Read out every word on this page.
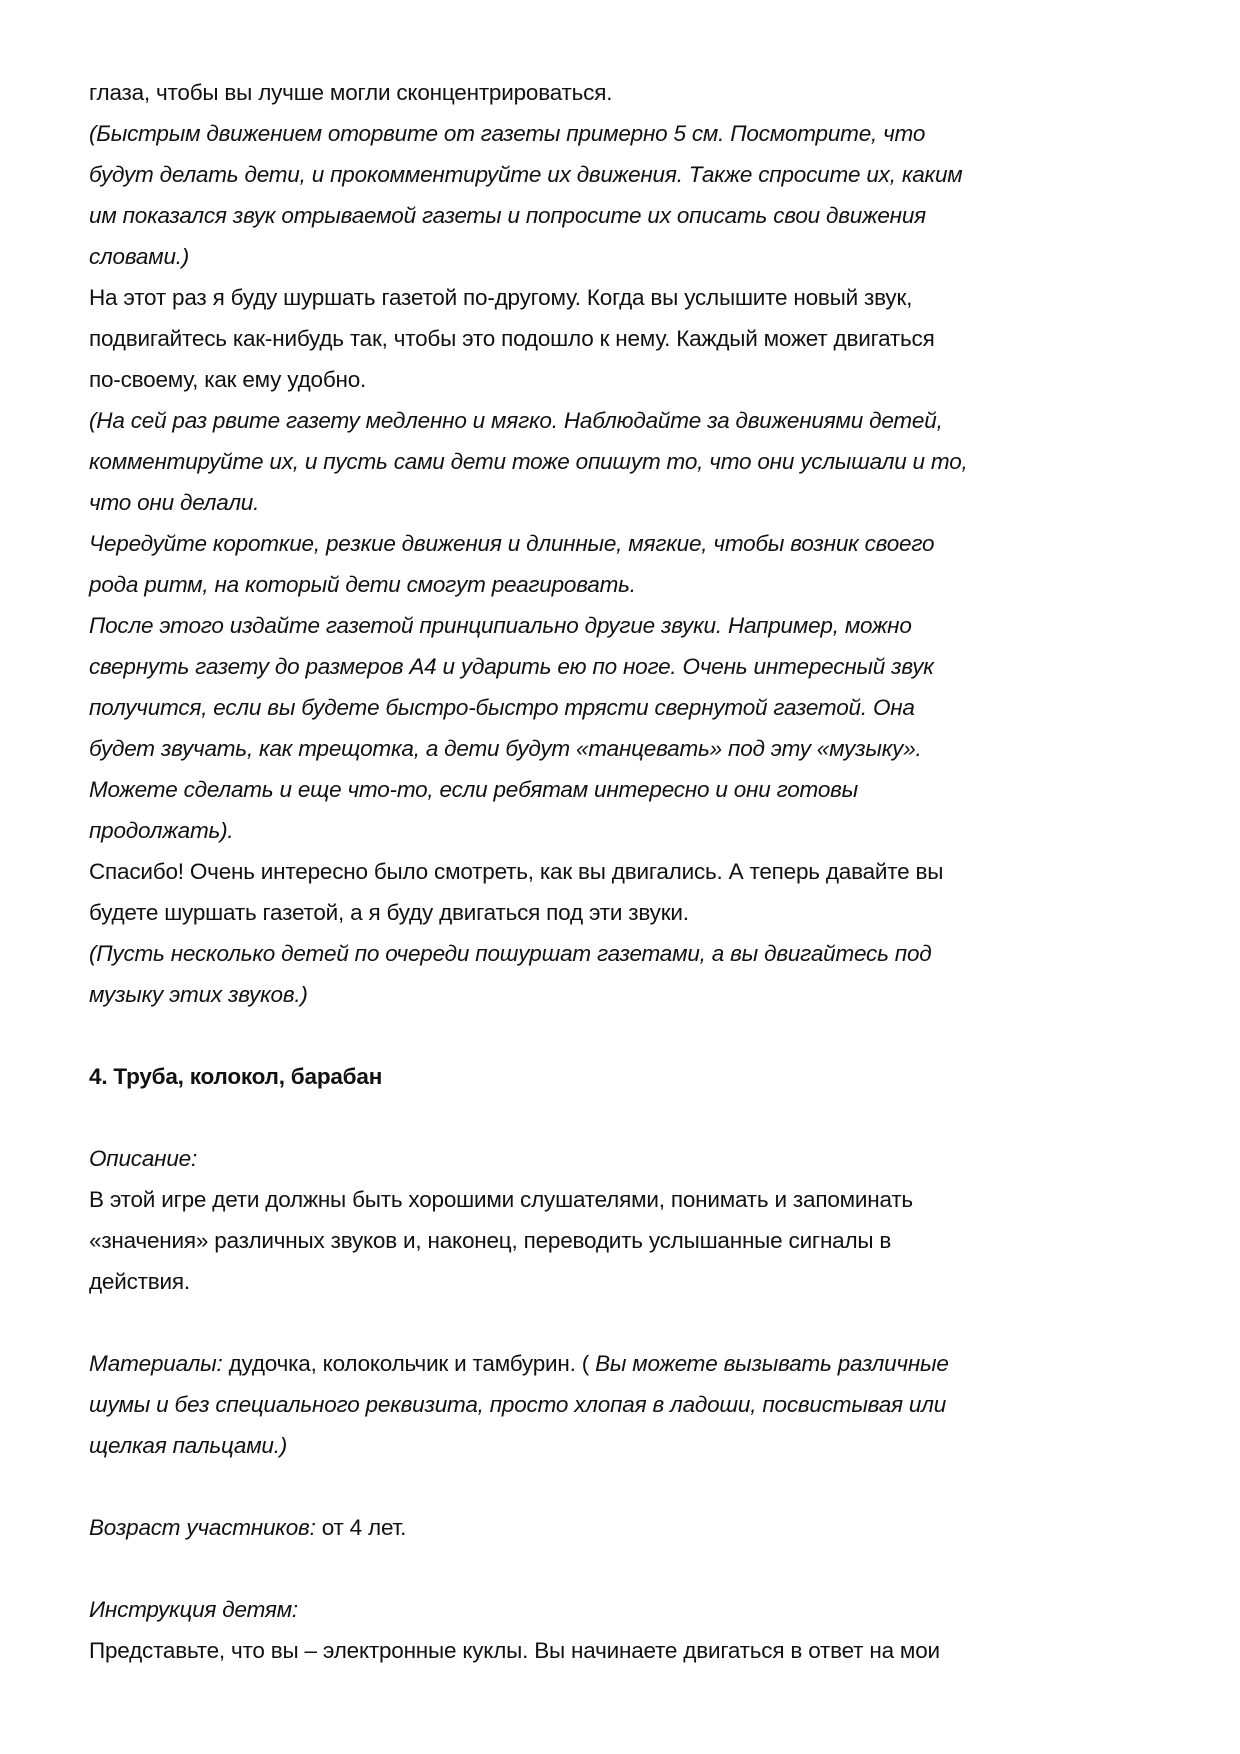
глаза, чтобы вы лучше могли сконцентрироваться.
(Быстрым движением оторвите от газеты примерно 5 см. Посмотрите, что
будут делать дети, и прокомментируйте их движения. Также спросите их, каким
им показался звук отрываемой газеты и попросите их описать свои движения
словами.)
На этот раз я буду шуршать газетой по-другому. Когда вы услышите новый звук,
подвигайтесь как-нибудь так, чтобы это подошло к нему. Каждый может двигаться
по-своему, как ему удобно.
(На сей раз рвите газету медленно и мягко. Наблюдайте за движениями детей,
комментируйте их, и пусть сами дети тоже опишут то, что они услышали и то,
что они делали.
Чередуйте короткие, резкие движения и длинные, мягкие, чтобы возник своего
рода ритм, на который дети смогут реагировать.
После этого издайте газетой принципиально другие звуки. Например, можно
свернуть газету до размеров А4 и ударить ею по ноге. Очень интересный звук
получится, если вы будете быстро-быстро трясти свернутой газетой. Она
будет звучать, как трещотка, а дети будут «танцевать» под эту «музыку».
Можете сделать и еще что-то, если ребятам интересно и они готовы
продолжать).
Спасибо! Очень интересно было смотреть, как вы двигались. А теперь давайте вы
будете шуршать газетой, а я буду двигаться под эти звуки.
(Пусть несколько детей по очереди пошуршат газетами, а вы двигайтесь под
музыку этих звуков.)
4. Труба, колокол, барабан
Описание:
В этой игре дети должны быть хорошими слушателями, понимать и запоминать
«значения» различных звуков и, наконец, переводить услышанные сигналы в
действия.
Материалы: дудочка, колокольчик и тамбурин. ( Вы можете вызывать различные
шумы и без специального реквизита, просто хлопая в ладоши, посвистывая или
щелкая пальцами.)
Возраст участников: от 4 лет.
Инструкция детям:
Представьте, что вы – электронные куклы. Вы начинаете двигаться в ответ на мои
